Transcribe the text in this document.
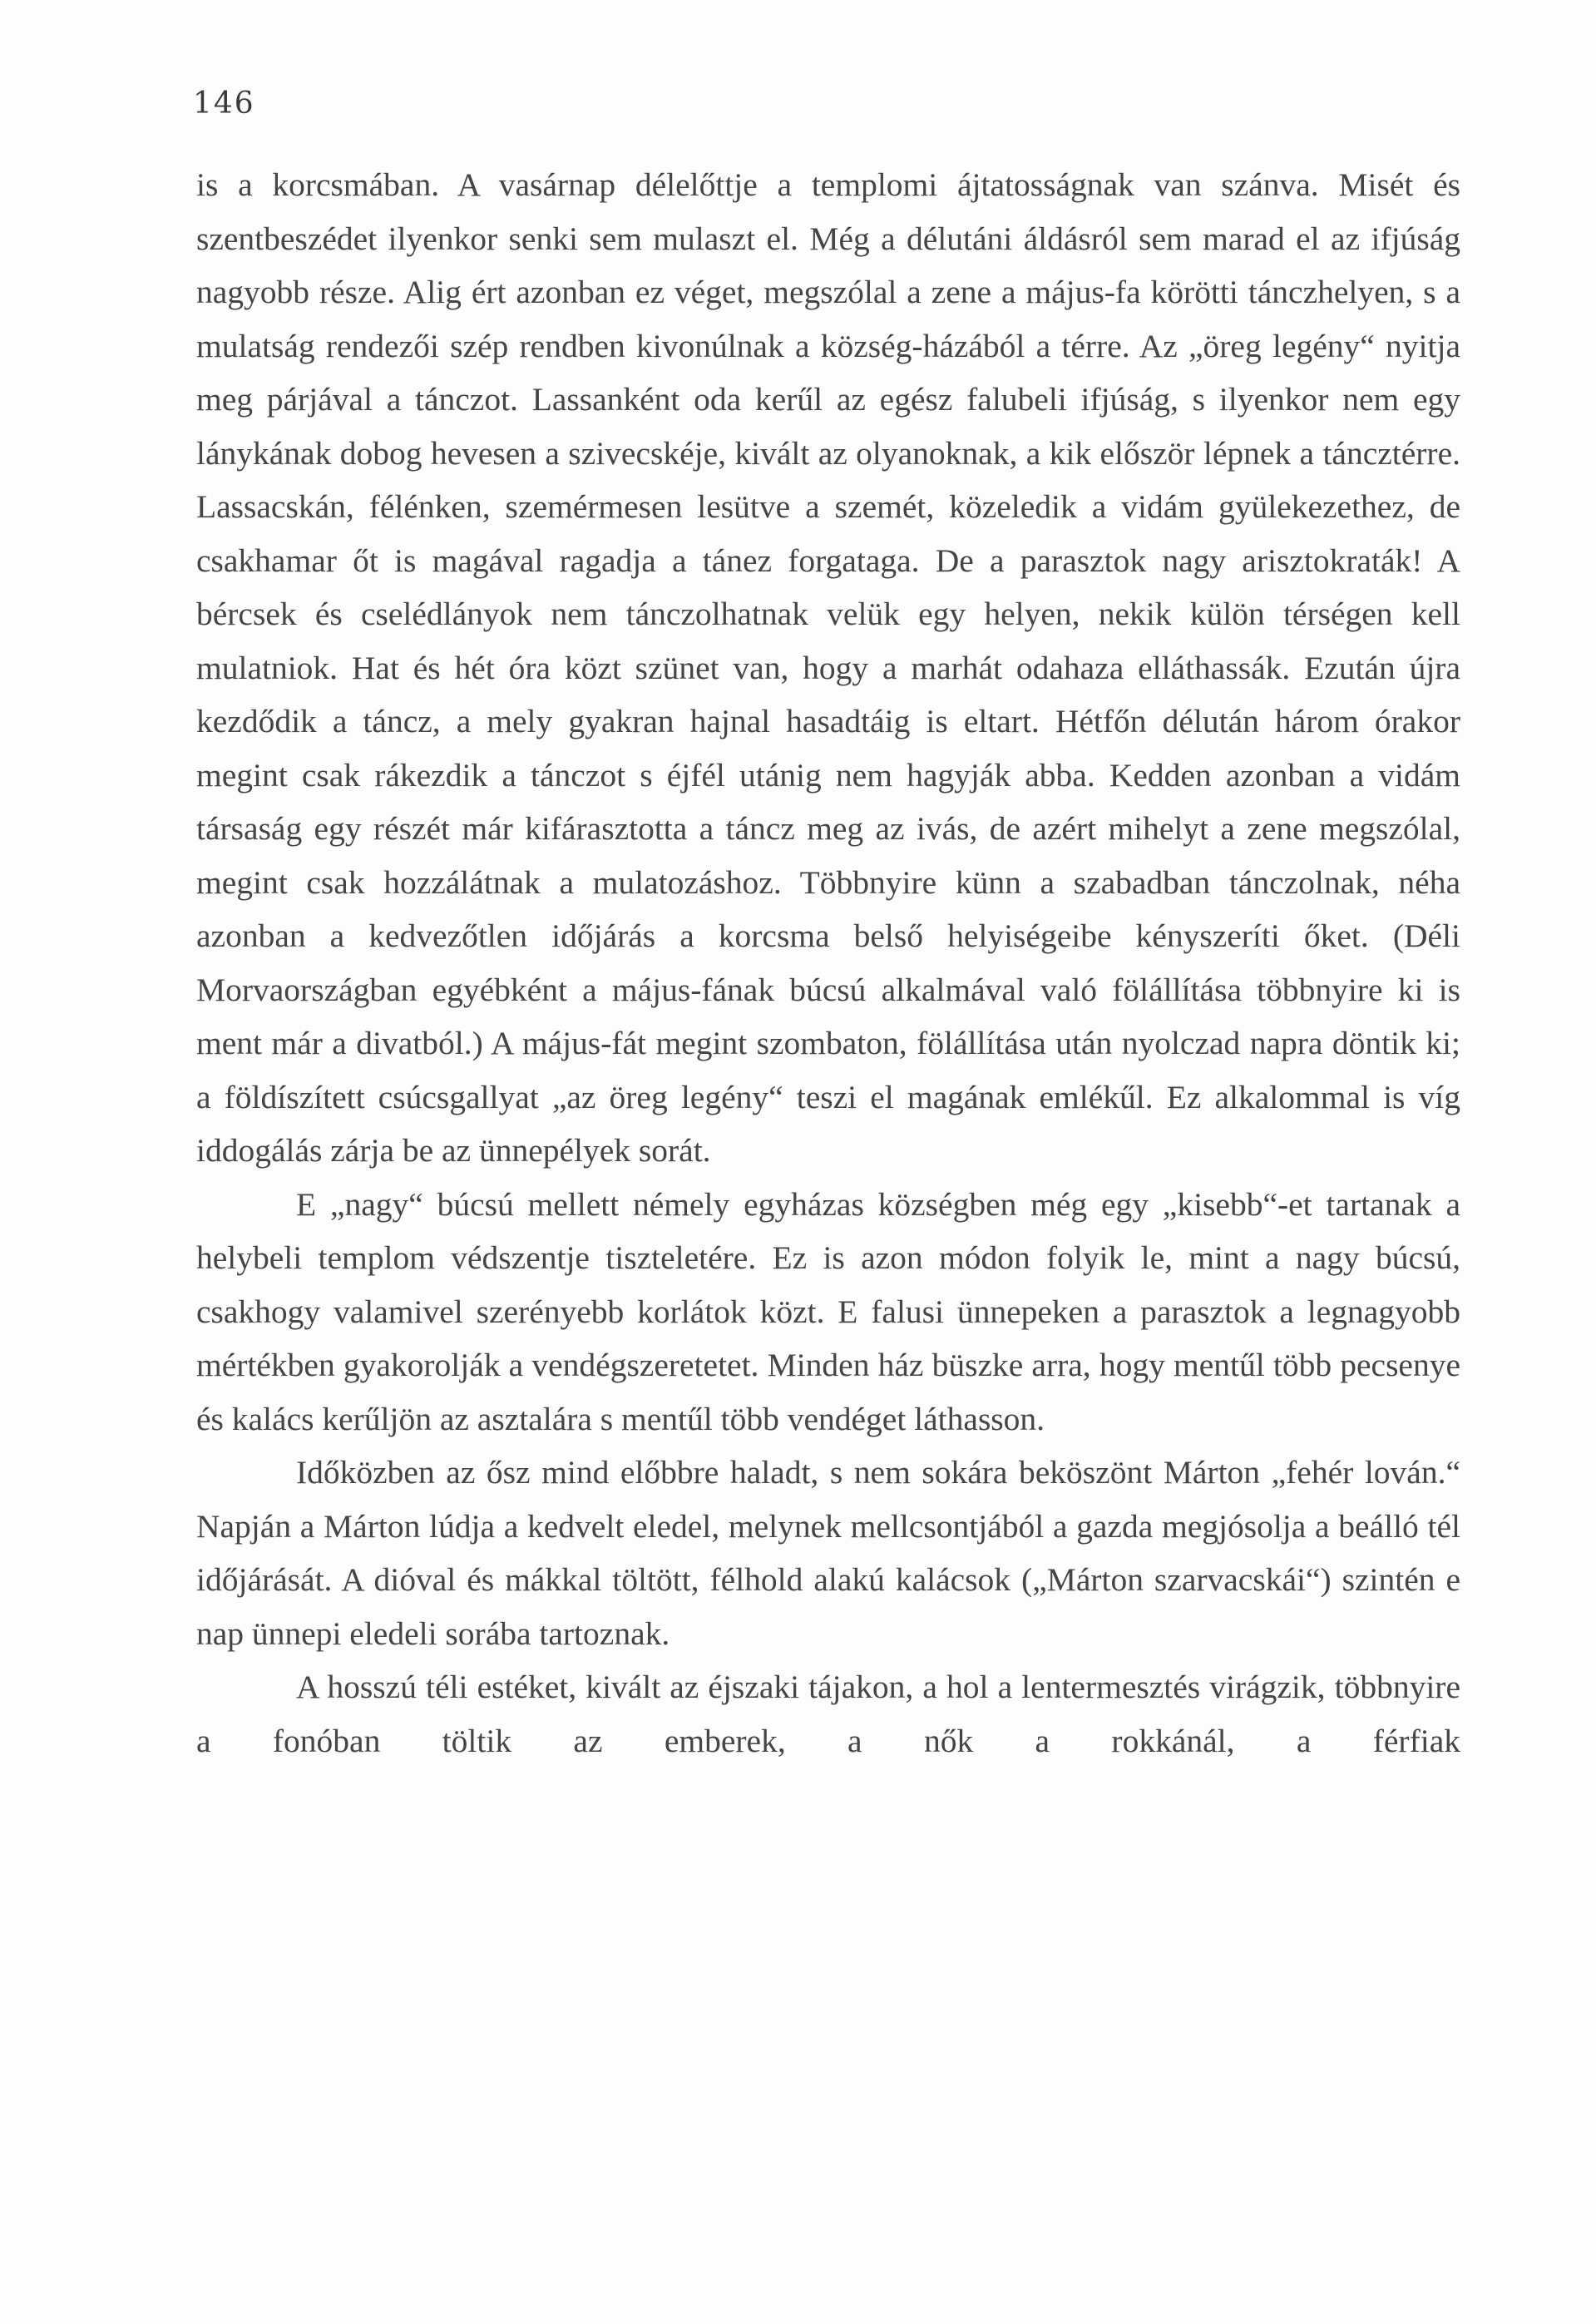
146

is a korcsmában. A vasárnap délelőttje a templomi ájtatosságnak van szánva. Misét és szentbeszédet ilyenkor senki sem mulaszt el. Még a délutáni áldásról sem marad el az ifjúság nagyobb része. Alig ért azonban ez véget, megszólal a zene a május-fa körötti tánczhelyen, s a mulatság rendezői szép rendben kivonúlnak a község-házából a térre. Az „öreg legény“ nyitja meg párjával a tánczot. Lassanként oda kerűl az egész falubeli ifjúság, s ilyenkor nem egy lánykának dobog hevesen a szivecskéje, kivált az olyanoknak, a kik először lépnek a táncztérre. Lassacskán, félénken, szemérmesen lesütve a szemét, közeledik a vidám gyülekezethez, de csakhamar őt is magával ragadja a tánez forgataga. De a parasztok nagy arisztokraták! A bércsek és cselédlányok nem tánczolhatnak velük egy helyen, nekik külön térségen kell mulatniok. Hat és hét óra közt szünet van, hogy a marhát odahaza elláthassák. Ezután újra kezdődik a táncz, a mely gyakran hajnal hasadtáig is eltart. Hétfőn délután három órakor megint csak rákezdik a tánczot s éjfél utánig nem hagyják abba. Kedden azonban a vidám társaság egy részét már kifárasztotta a táncz meg az ivás, de azért mihelyt a zene megszólal, megint csak hozzálátnak a mulatozáshoz. Többnyire künn a szabadban tánczolnak, néha azonban a kedvezőtlen időjárás a korcsma belső helyiségeibe kényszeríti őket. (Déli Morvaországban egyébként a május-fának búcsú alkalmával való fölállítása többnyire ki is ment már a divatból.) A május-fát megint szombaton, fölállítása után nyolczad napra döntik ki; a földíszített csúcsgallyat „az öreg legény“ teszi el magának emlékűl. Ez alkalommal is víg iddogálás zárja be az ünnepélyek sorát.

E „nagy“ búcsú mellett némely egyházas községben még egy „kisebb“-et tartanak a helybeli templom védszentje tiszteletére. Ez is azon módon folyik le, mint a nagy búcsú, csakhogy valamivel szerényebb korlátok közt. E falusi ünnepeken a parasztok a legnagyobb mértékben gyakorolják a vendégszeretetet. Minden ház büszke arra, hogy mentűl több pecsenye és kalács kerűljön az asztalára s mentűl több vendéget láthasson.

Időközben az ősz mind előbbre haladt, s nem sokára beköszönt Márton „fehér lován.“ Napján a Márton lúdja a kedvelt eledel, melynek mellcsontjából a gazda megjósolja a beálló tél időjárását. A dióval és mákkal töltött, félhold alakú kalácsok („Márton szarvacskái“) szintén e nap ünnepi eledeli sorába tartoznak.

A hosszú téli estéket, kivált az éjszaki tájakon, a hol a lentermesztés virágzik, többnyire a fonóban töltik az emberek, a nők a rokkánál, a férfiak
